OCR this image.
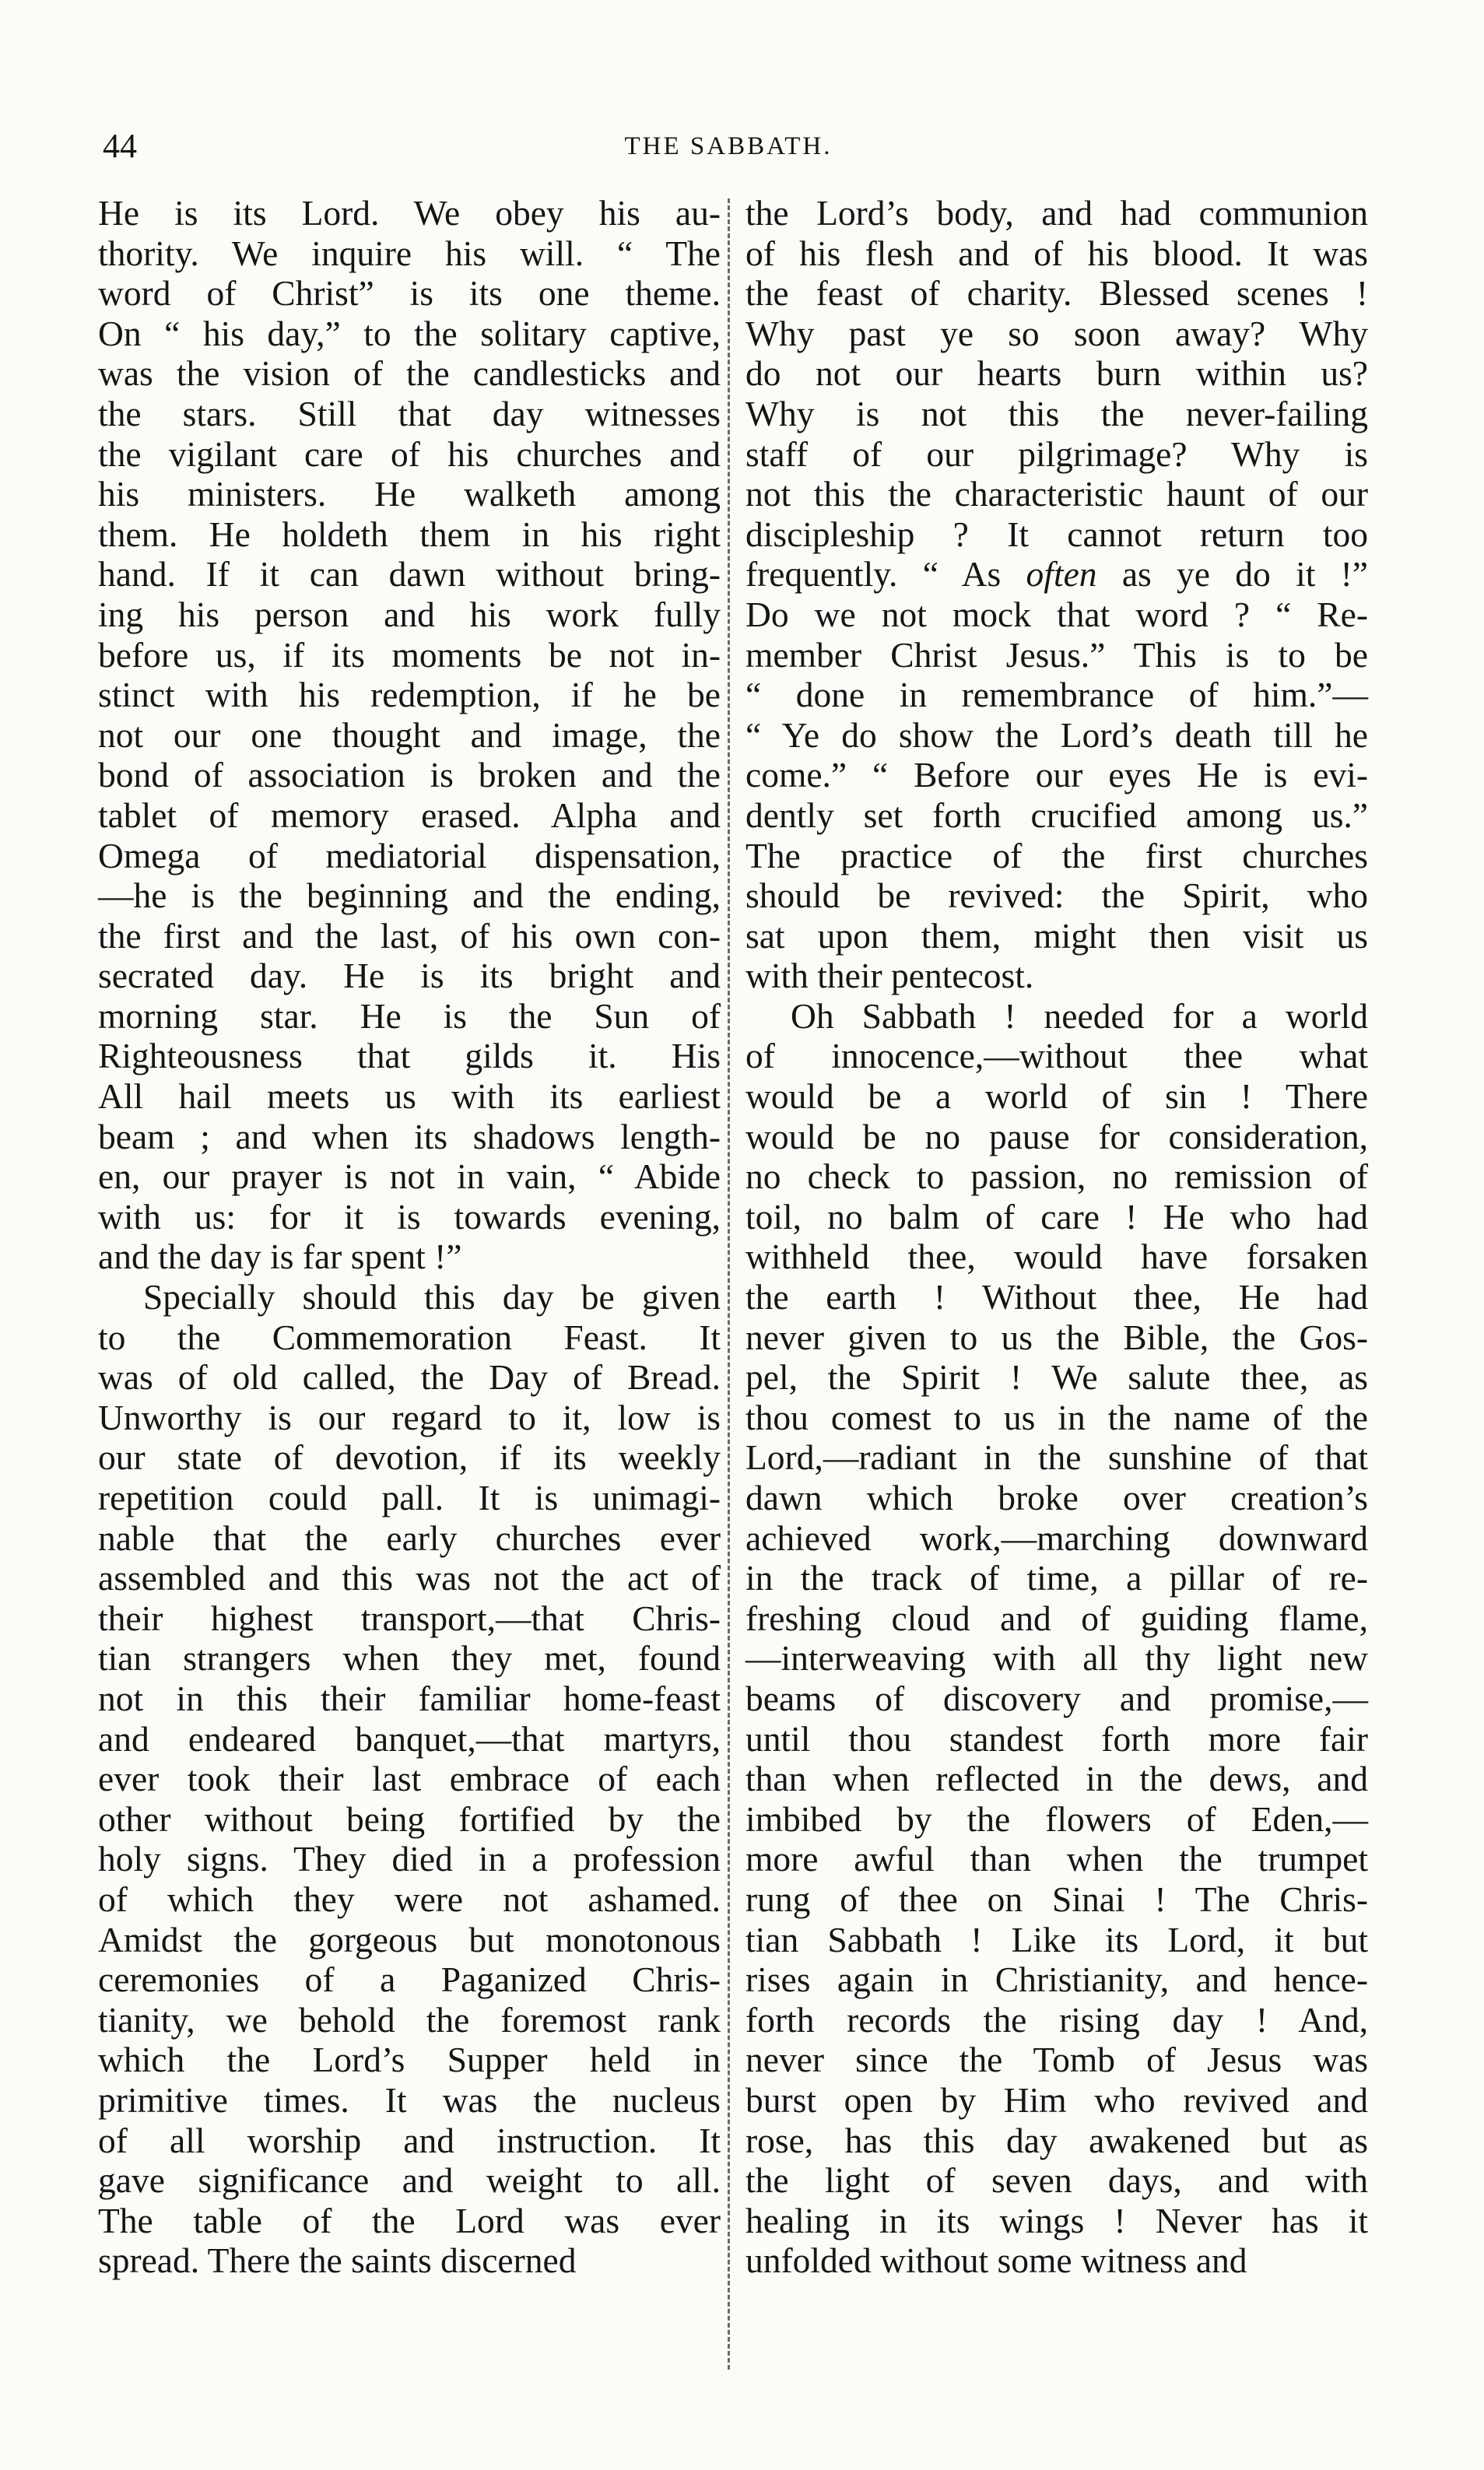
44	THE SABBATH.
He is its Lord. We obey his au-
thority. We inquire his will. “ The
word of Christ” is its one theme.
On “ his day,” to the solitary captive,
was the vision of the candlesticks and
the stars. Still that day witnesses
the vigilant care of his churches and
his ministers. He walketh among
them. He holdeth them in his right
hand. If it can dawn without bring-
ing his person and his work fully
before us, if its moments be not in-
stinct with his redemption, if he be
not our one thought and image, the
bond of association is broken and the
tablet of memory erased. Alpha and
Omega of mediatorial dispensation,
—he is the beginning and the ending,
the first and the last, of his own con-
secrated day. He is its bright and
morning star. He is the Sun of
Righteousness that gilds it. His
All hail meets us with its earliest
beam ; and when its shadows length-
en, our prayer is not in vain, “ Abide
with us: for it is towards evening,
and the day is far spent !”
Specially should this day be given
to the Commemoration Feast. It
was of old called, the Day of Bread.
Unworthy is our regard to it, low is
our state of devotion, if its weekly
repetition could pall. It is unimagi-
nable that the early churches ever
assembled and this was not the act of
their highest transport,—that Chris-
tian strangers when they met, found
not in this their familiar home-feast
and endeared banquet,—that martyrs,
ever took their last embrace of each
other without being fortified by the
holy signs. They died in a profession
of which they were not ashamed.
Amidst the gorgeous but monotonous
ceremonies of a Paganized Chris-
tianity, we behold the foremost rank
which the Lord’s Supper held in
primitive times. It was the nucleus
of all worship and instruction. It
gave significance and weight to all.
The table of the Lord was ever
spread. There the saints discerned
the Lord’s body, and had communion
of his flesh and of his blood. It was
the feast of charity. Blessed scenes !
Why past ye so soon away? Why
do not our hearts burn within us?
Why is not this the never-failing
staff of our pilgrimage? Why is
not this the characteristic haunt of our
discipleship ? It cannot return too
frequently. “ As often as ye do it !”
Do we not mock that word ? “ Re-
member Christ Jesus.” This is to be
“ done in remembrance of him.”—
“ Ye do show the Lord’s death till he
come.” “ Before our eyes He is evi-
dently set forth crucified among us.”
The practice of the first churches
should be revived: the Spirit, who
sat upon them, might then visit us
with their pentecost.
Oh Sabbath ! needed for a world
of innocence,—without thee what
would be a world of sin ! There
would be no pause for consideration,
no check to passion, no remission of
toil, no balm of care ! He who had
withheld thee, would have forsaken
the earth ! Without thee, He had
never given to us the Bible, the Gos-
pel, the Spirit ! We salute thee, as
thou comest to us in the name of the
Lord,—radiant in the sunshine of that
dawn which broke over creation’s
achieved work,—marching downward
in the track of time, a pillar of re-
freshing cloud and of guiding flame,
—interweaving with all thy light new
beams of discovery and promise,—
until thou standest forth more fair
than when reflected in the dews, and
imbibed by the flowers of Eden,—
more awful than when the trumpet
rung of thee on Sinai ! The Chris-
tian Sabbath ! Like its Lord, it but
rises again in Christianity, and hence-
forth records the rising day ! And,
never since the Tomb of Jesus was
burst open by Him who revived and
rose, has this day awakened but as
the light of seven days, and with
healing in its wings ! Never has it
unfolded without some witness and
